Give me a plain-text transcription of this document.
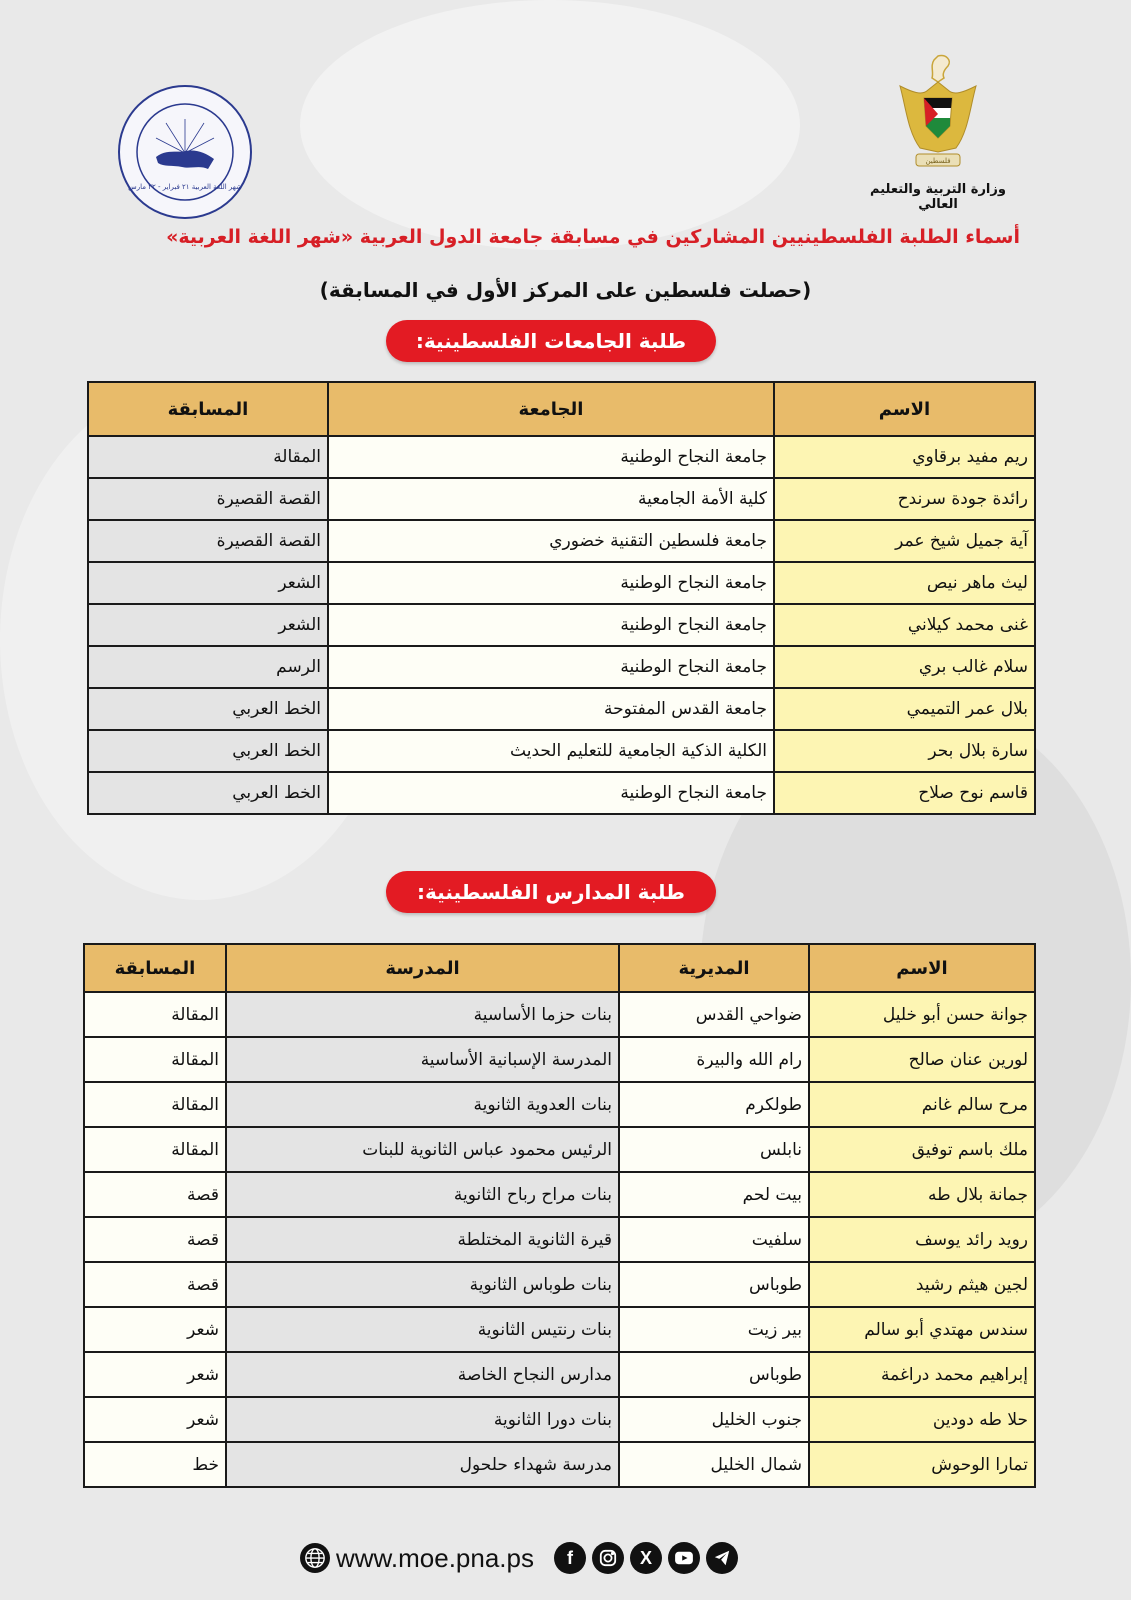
فلسطين
وزارة التربية والتعليم العالي
شهر اللغة العربية ٢١ فبراير - ٢٢ مارس
أسماء الطلبة الفلسطينيين المشاركين في مسابقة جامعة الدول العربية «شهر اللغة العربية»
(حصلت فلسطين على المركز الأول في المسابقة)
طلبة الجامعات الفلسطينية:
الاسم	الجامعة	المسابقة
ريم مفيد برقاوي	جامعة النجاح الوطنية	المقالة
رائدة جودة سرندح	كلية الأمة الجامعية	القصة القصيرة
آية جميل شيخ عمر	جامعة فلسطين التقنية خضوري	القصة القصيرة
ليث ماهر نيص	جامعة النجاح الوطنية	الشعر
غنى محمد كيلاني	جامعة النجاح الوطنية	الشعر
سلام غالب بري	جامعة النجاح الوطنية	الرسم
بلال عمر التميمي	جامعة القدس المفتوحة	الخط العربي
سارة بلال بحر	الكلية الذكية الجامعية للتعليم الحديث	الخط العربي
قاسم نوح صلاح	جامعة النجاح الوطنية	الخط العربي
طلبة المدارس الفلسطينية:
الاسم	المديرية	المدرسة	المسابقة
جوانة حسن أبو خليل	ضواحي القدس	بنات حزما الأساسية	المقالة
لورين عنان صالح	رام الله والبيرة	المدرسة الإسبانية الأساسية	المقالة
مرح سالم غانم	طولكرم	بنات العدوية الثانوية	المقالة
ملك باسم توفيق	نابلس	الرئيس محمود عباس الثانوية للبنات	المقالة
جمانة بلال طه	بيت لحم	بنات مراح رباح الثانوية	قصة
رويد رائد يوسف	سلفيت	قيرة الثانوية المختلطة	قصة
لجين هيثم رشيد	طوباس	بنات طوباس الثانوية	قصة
سندس مهتدي أبو سالم	بير زيت	بنات رنتيس الثانوية	شعر
إبراهيم محمد دراغمة	طوباس	مدارس النجاح الخاصة	شعر
حلا طه دودين	جنوب الخليل	بنات دورا الثانوية	شعر
تمارا الوحوش	شمال الخليل	مدرسة شهداء حلحول	خط
www.moe.pna.ps	f	X
